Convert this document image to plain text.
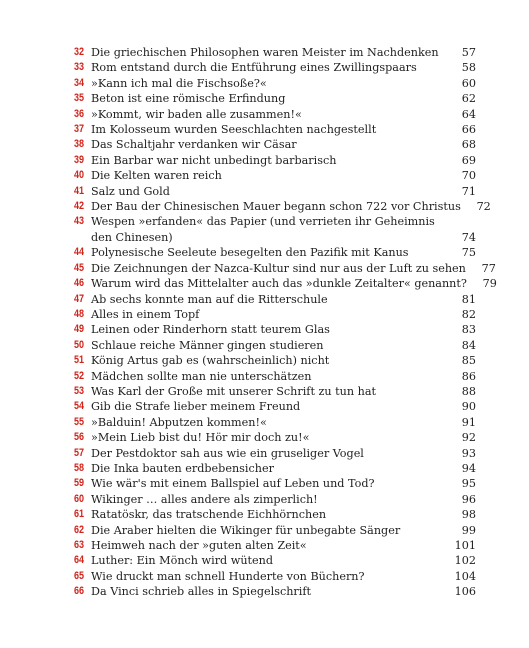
32 Die griechischen Philosophen waren Meister im Nachdenken	57
33 Rom entstand durch die Entführung eines Zwillingspaars	58
34 »Kann ich mal die Fischsoße?«	60
35 Beton ist eine römische Erfindung	62
36 »Kommt, wir baden alle zusammen!«	64
37 Im Kolosseum wurden Seeschlachten nachgestellt	66
38 Das Schaltjahr verdanken wir Cäsar	68
39 Ein Barbar war nicht unbedingt barbarisch	69
40 Die Kelten waren reich	70
41 Salz und Gold	71
42 Der Bau der Chinesischen Mauer begann schon 722 vor Christus	72
43 Wespen »erfanden« das Papier (und verrieten ihr Geheimnis
den Chinesen)	74
44 Polynesische Seeleute besegelten den Pazifik mit Kanus	75
45 Die Zeichnungen der Nazca-Kultur sind nur aus der Luft zu sehen	77
46 Warum wird das Mittelalter auch das »dunkle Zeitalter« genannt?	79
47 Ab sechs konnte man auf die Ritterschule	81
48 Alles in einem Topf	82
49 Leinen oder Rinderhorn statt teurem Glas	83
50 Schlaue reiche Männer gingen studieren	84
51 König Artus gab es (wahrscheinlich) nicht	85
52 Mädchen sollte man nie unterschätzen	86
53 Was Karl der Große mit unserer Schrift zu tun hat	88
54 Gib die Strafe lieber meinem Freund	90
55 »Balduin! Abputzen kommen!«	91
56 »Mein Lieb bist du! Hör mir doch zu!«	92
57 Der Pestdoktor sah aus wie ein gruseliger Vogel	93
58 Die Inka bauten erdbebensicher	94
59 Wie wär's mit einem Ballspiel auf Leben und Tod?	95
60 Wikinger … alles andere als zimperlich!	96
61 Ratatöskr, das tratschende Eichhörnchen	98
62 Die Araber hielten die Wikinger für unbegabte Sänger	99
63 Heimweh nach der »guten alten Zeit«	101
64 Luther: Ein Mönch wird wütend	102
65 Wie druckt man schnell Hunderte von Büchern?	104
66 Da Vinci schrieb alles in Spiegelschrift	106
